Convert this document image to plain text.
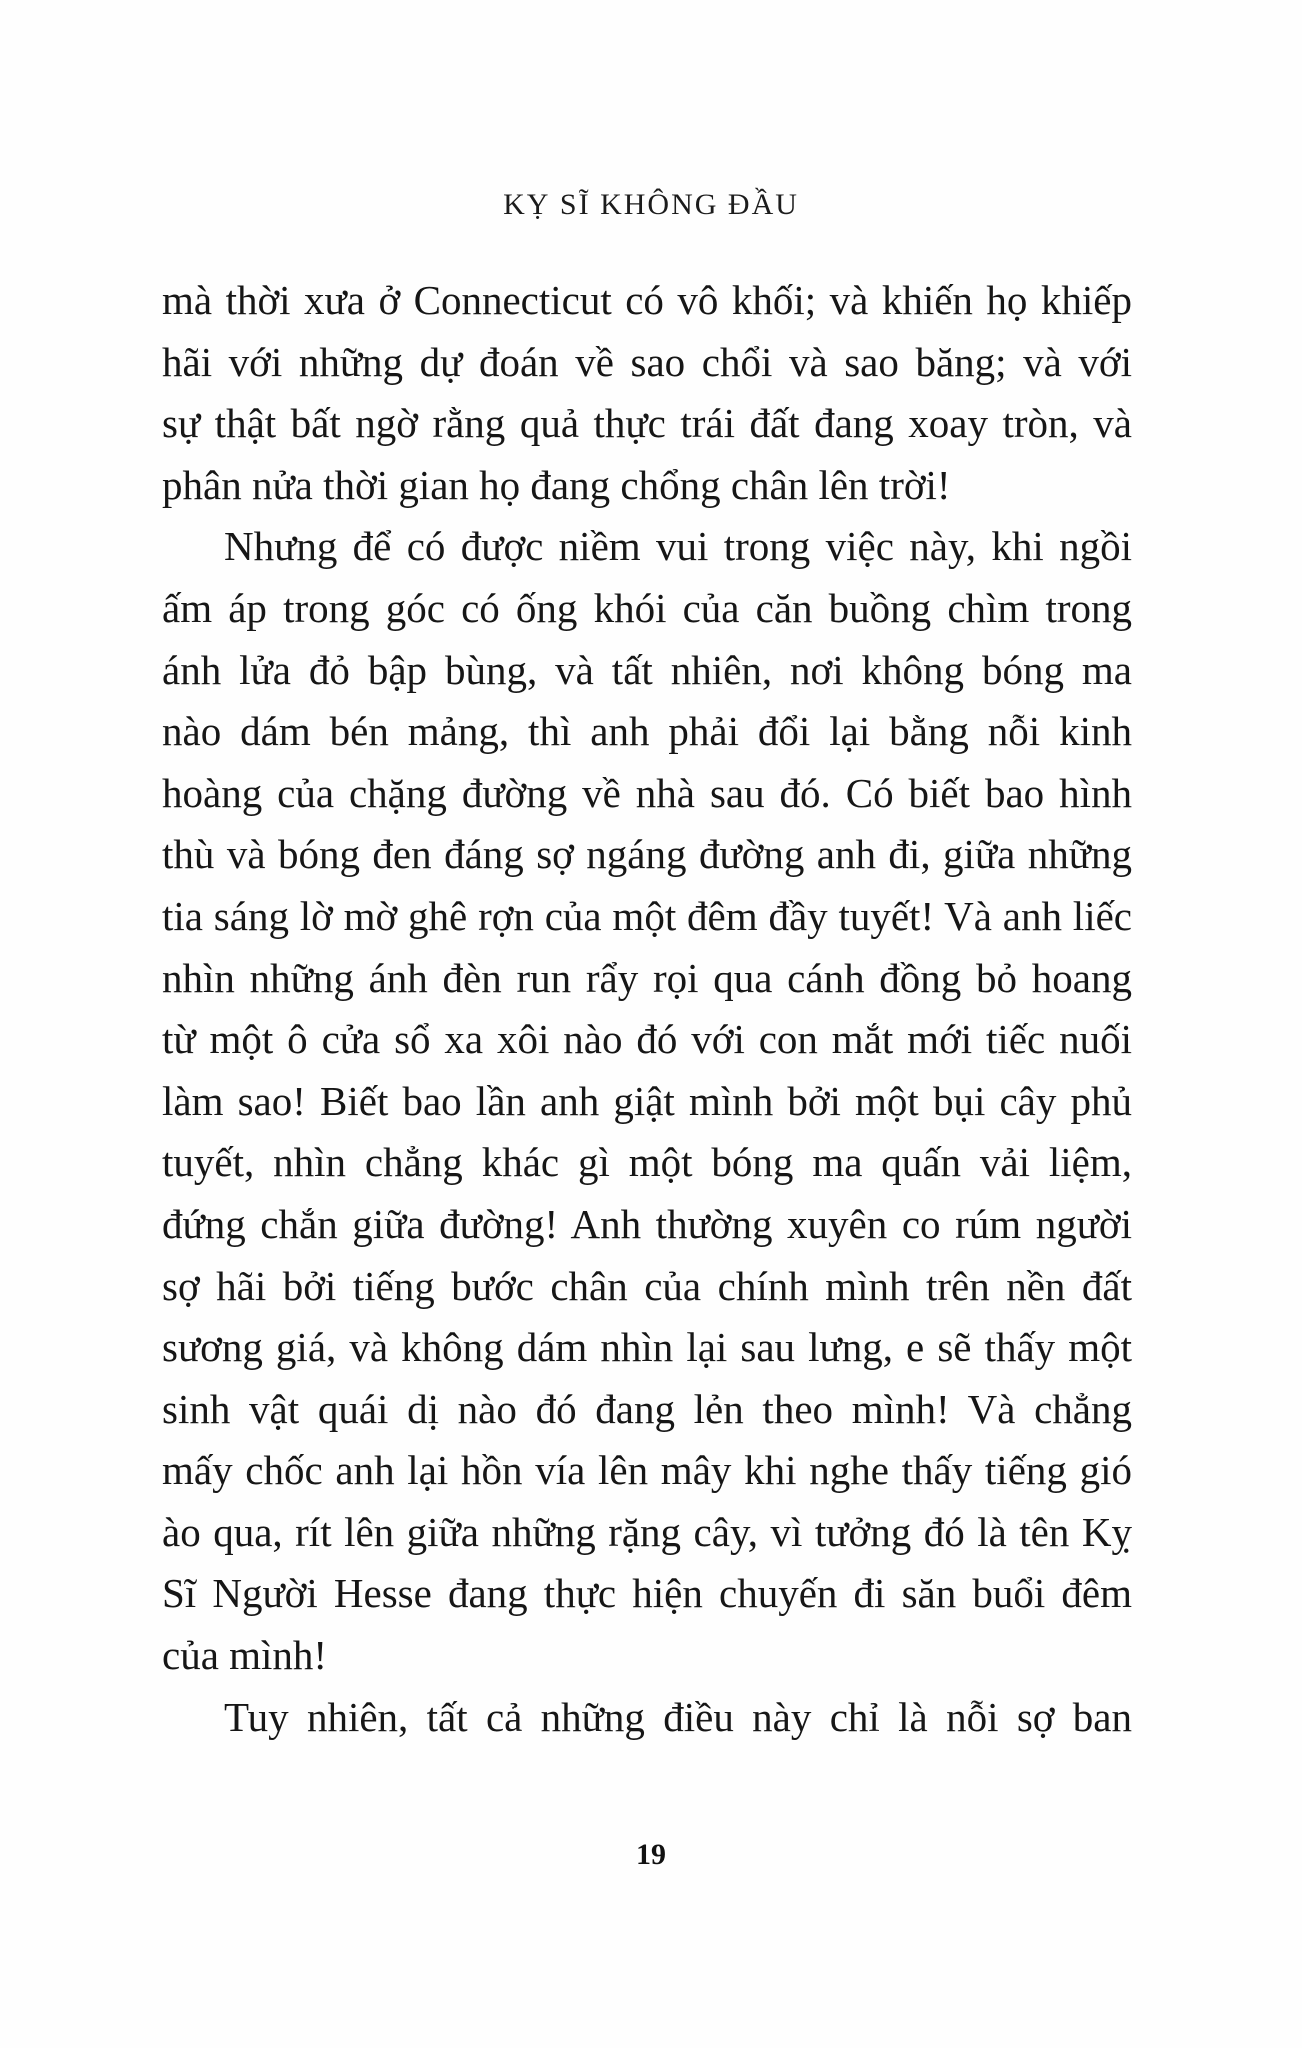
KỴ SĨ KHÔNG ĐẦU
mà thời xưa ở Connecticut có vô khối; và khiến họ khiếp
hãi với những dự đoán về sao chổi và sao băng; và với
sự thật bất ngờ rằng quả thực trái đất đang xoay tròn, và
phân nửa thời gian họ đang chổng chân lên trời!
Nhưng để có được niềm vui trong việc này, khi ngồi
ấm áp trong góc có ống khói của căn buồng chìm trong
ánh lửa đỏ bập bùng, và tất nhiên, nơi không bóng ma
nào dám bén mảng, thì anh phải đổi lại bằng nỗi kinh
hoàng của chặng đường về nhà sau đó. Có biết bao hình
thù và bóng đen đáng sợ ngáng đường anh đi, giữa những
tia sáng lờ mờ ghê rợn của một đêm đầy tuyết! Và anh liếc
nhìn những ánh đèn run rẩy rọi qua cánh đồng bỏ hoang
từ một ô cửa sổ xa xôi nào đó với con mắt mới tiếc nuối
làm sao! Biết bao lần anh giật mình bởi một bụi cây phủ
tuyết, nhìn chẳng khác gì một bóng ma quấn vải liệm,
đứng chắn giữa đường! Anh thường xuyên co rúm người
sợ hãi bởi tiếng bước chân của chính mình trên nền đất
sương giá, và không dám nhìn lại sau lưng, e sẽ thấy một
sinh vật quái dị nào đó đang lẻn theo mình! Và chẳng
mấy chốc anh lại hồn vía lên mây khi nghe thấy tiếng gió
ào qua, rít lên giữa những rặng cây, vì tưởng đó là tên Kỵ
Sĩ Người Hesse đang thực hiện chuyến đi săn buổi đêm
của mình!
Tuy nhiên, tất cả những điều này chỉ là nỗi sợ ban
19
